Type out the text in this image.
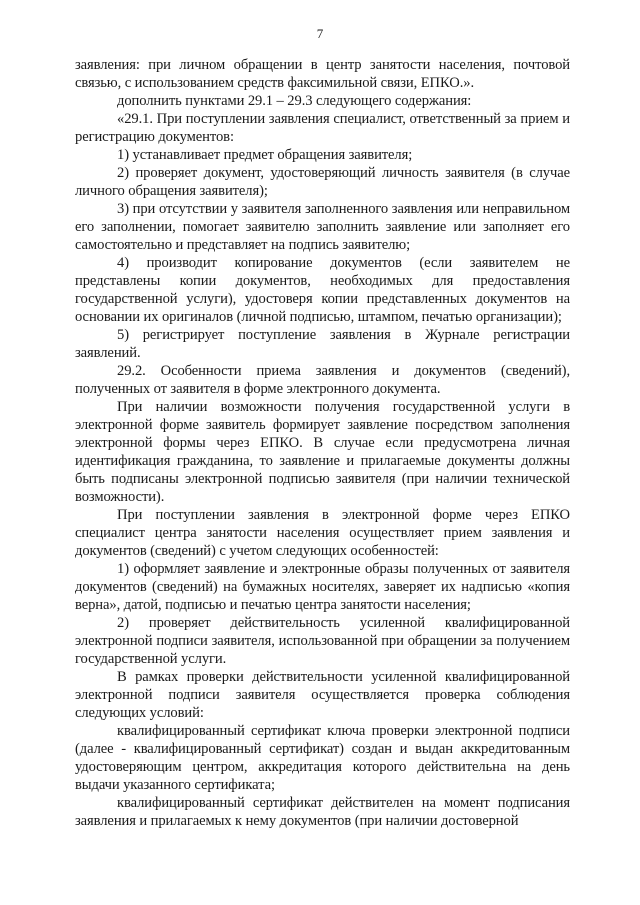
7

заявления: при личном обращении в центр занятости населения, почтовой связью, с использованием средств факсимильной связи, ЕПКО.».

дополнить пунктами 29.1 – 29.3 следующего содержания:

«29.1. При поступлении заявления специалист, ответственный за прием и регистрацию документов:

1) устанавливает предмет обращения заявителя;

2) проверяет документ, удостоверяющий личность заявителя (в случае личного обращения заявителя);

3) при отсутствии у заявителя заполненного заявления или неправильном его заполнении, помогает заявителю заполнить заявление или заполняет его самостоятельно и представляет на подпись заявителю;

4) производит копирование документов (если заявителем не представлены копии документов, необходимых для предоставления государственной услуги), удостоверя копии представленных документов на основании их оригиналов (личной подписью, штампом, печатью организации);

5) регистрирует поступление заявления в Журнале регистрации заявлений.

29.2. Особенности приема заявления и документов (сведений), полученных от заявителя в форме электронного документа.

При наличии возможности получения государственной услуги в электронной форме заявитель формирует заявление посредством заполнения электронной формы через ЕПКО. В случае если предусмотрена личная идентификация гражданина, то заявление и прилагаемые документы должны быть подписаны электронной подписью заявителя (при наличии технической возможности).

При поступлении заявления в электронной форме через ЕПКО специалист центра занятости населения осуществляет прием заявления и документов (сведений) с учетом следующих особенностей:

1) оформляет заявление и электронные образы полученных от заявителя документов (сведений) на бумажных носителях, заверяет их надписью «копия верна», датой, подписью и печатью центра занятости населения;

2) проверяет действительность усиленной квалифицированной электронной подписи заявителя, использованной при обращении за получением государственной услуги.

В рамках проверки действительности усиленной квалифицированной электронной подписи заявителя осуществляется проверка соблюдения следующих условий:

квалифицированный сертификат ключа проверки электронной подписи (далее - квалифицированный сертификат) создан и выдан аккредитованным удостоверяющим центром, аккредитация которого действительна на день выдачи указанного сертификата;

квалифицированный сертификат действителен на момент подписания заявления и прилагаемых к нему документов (при наличии достоверной
